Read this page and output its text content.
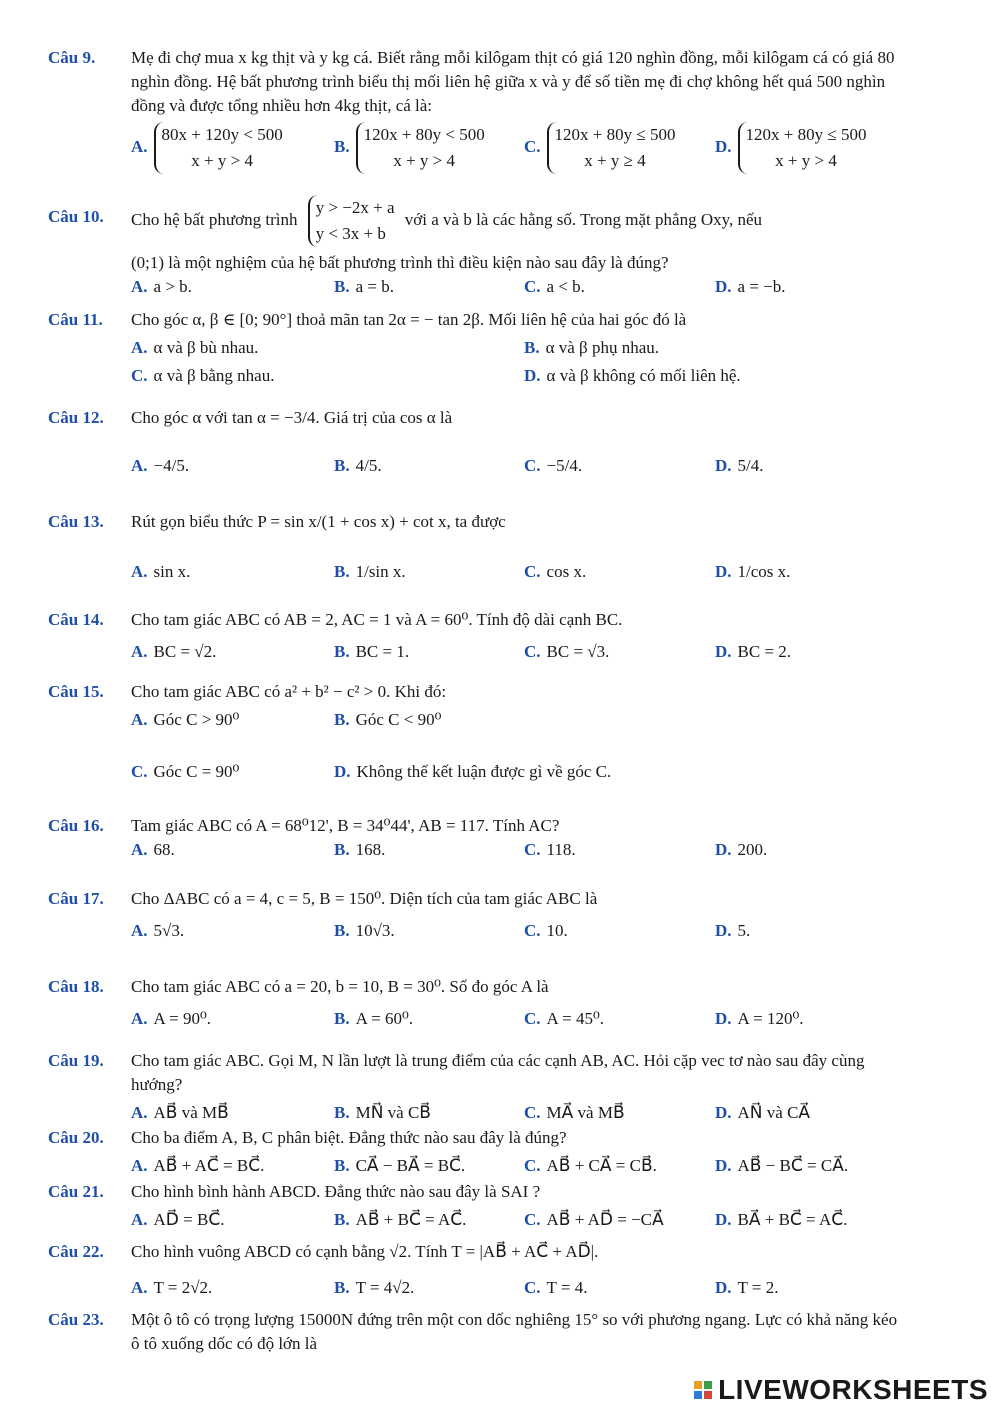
Câu 9. Mẹ đi chợ mua x kg thịt và y kg cá. Biết rằng mỗi kilôgam thịt có giá 120 nghìn đồng, mỗi kilôgam cá có giá 80 nghìn đồng. Hệ bất phương trình biểu thị mối liên hệ giữa x và y để số tiền mẹ đi chợ không hết quá 500 nghìn đồng và được tổng nhiều hơn 4kg thịt, cá là:
A.
80x + 120y < 500
x + y > 4
B.
120x + 80y < 500
x + y > 4
C.
120x + 80y ≤ 500
x + y ≥ 4
D.
120x + 80y ≤ 500
x + y > 4
Câu 10. Cho hệ bất phương trình
y > −2x + a
y < 3x + b
với a và b là các hằng số. Trong mặt phẳng Oxy, nếu
(0;1) là một nghiệm của hệ bất phương trình thì điều kiện nào sau đây là đúng?
A. a > b.	B. a = b.	C. a < b.	D. a = −b.
Câu 11. Cho góc α, β ∈ [0; 90°] thoả mãn tan 2α = − tan 2β. Mối liên hệ của hai góc đó là
A. α và β bù nhau.	B. α và β phụ nhau.
C. α và β bằng nhau.	D. α và β không có mối liên hệ.
Câu 12. Cho góc α với tan α = −3/4. Giá trị của cos α là
A. −4/5.	B. 4/5.	C. −5/4.	D. 5/4.
Câu 13. Rút gọn biểu thức P = sin x/(1 + cos x) + cot x, ta được
A. sin x.	B. 1/sin x.	C. cos x.	D. 1/cos x.
Câu 14. Cho tam giác ABC có AB = 2, AC = 1 và A = 60⁰. Tính độ dài cạnh BC.
A. BC = √2.	B. BC = 1.	C. BC = √3.	D. BC = 2.
Câu 15. Cho tam giác ABC có a² + b² − c² > 0. Khi đó:
A. Góc C > 90⁰	B. Góc C < 90⁰
C. Góc C = 90⁰	D. Không thể kết luận được gì về góc C.
Câu 16. Tam giác ABC có A = 68⁰12', B = 34⁰44', AB = 117. Tính AC?
A. 68.	B. 168.	C. 118.	D. 200.
Câu 17. Cho ΔABC có a = 4, c = 5, B = 150⁰. Diện tích của tam giác ABC là
A. 5√3.	B. 10√3.	C. 10.	D. 5.
Câu 18. Cho tam giác ABC có a = 20, b = 10, B = 30⁰. Số đo góc A là
A. A = 90⁰.	B. A = 60⁰.	C. A = 45⁰.	D. A = 120⁰.
Câu 19. Cho tam giác ABC. Gọi M, N lần lượt là trung điểm của các cạnh AB, AC. Hỏi cặp vec tơ nào sau đây cùng hướng?
A. AB⃗ và MB⃗	B. MN⃗ và CB⃗	C. MA⃗ và MB⃗	D. AN⃗ và CA⃗
Câu 20. Cho ba điểm A, B, C phân biệt. Đẳng thức nào sau đây là đúng?
A. AB⃗ + AC⃗ = BC⃗.	B. CA⃗ − BA⃗ = BC⃗.	C. AB⃗ + CA⃗ = CB⃗.	D. AB⃗ − BC⃗ = CA⃗.
Câu 21. Cho hình bình hành ABCD. Đẳng thức nào sau đây là SAI ?
A. AD⃗ = BC⃗.	B. AB⃗ + BC⃗ = AC⃗.	C. AB⃗ + AD⃗ = −CA⃗	D. BA⃗ + BC⃗ = AC⃗.
Câu 22. Cho hình vuông ABCD có cạnh bằng √2. Tính T = |AB⃗ + AC⃗ + AD⃗|.
A. T = 2√2.	B. T = 4√2.	C. T = 4.	D. T = 2.
Câu 23. Một ô tô có trọng lượng 15000N đứng trên một con dốc nghiêng 15° so với phương ngang. Lực có khả năng kéo ô tô xuống dốc có độ lớn là
LIVEWORKSHEETS
